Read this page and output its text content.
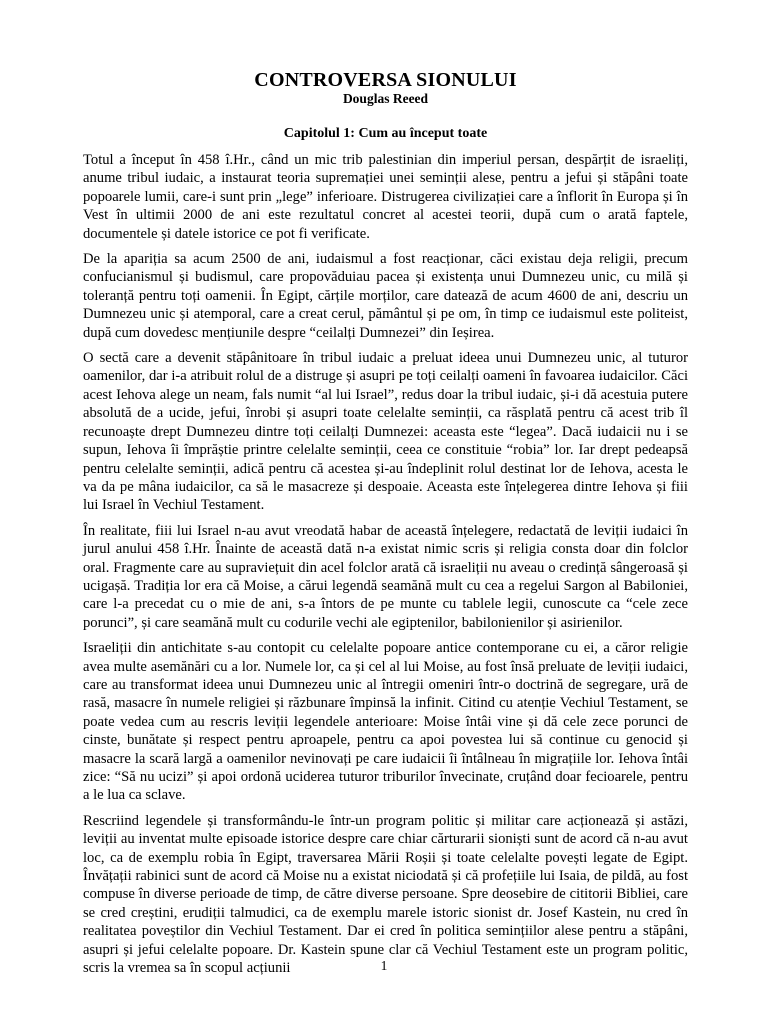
CONTROVERSA SIONULUI
Douglas Reeed
Capitolul 1: Cum au început toate

Totul a început în 458 î.Hr., când un mic trib palestinian din imperiul persan, despărțit de israeliți, anume tribul iudaic, a instaurat teoria supremației unei seminții alese, pentru a jefui și stăpâni toate popoarele lumii, care-i sunt prin „lege” inferioare. Distrugerea civilizației care a înflorit în Europa și în Vest în ultimii 2000 de ani este rezultatul concret al acestei teorii, după cum o arată faptele, documentele și datele istorice ce pot fi verificate.

De la apariția sa acum 2500 de ani, iudaismul a fost reacționar, căci existau deja religii, precum confucianismul și budismul, care propovăduiau pacea și existența unui Dumnezeu unic, cu milă și toleranță pentru toți oamenii. În Egipt, cărțile morților, care datează de acum 4600 de ani, descriu un Dumnezeu unic și atemporal, care a creat cerul, pământul și pe om, în timp ce iudaismul este politeist, după cum dovedesc mențiunile despre “ceilalți Dumnezei” din Ieșirea.

O sectă care a devenit stăpânitoare în tribul iudaic a preluat ideea unui Dumnezeu unic, al tuturor oamenilor, dar i-a atribuit rolul de a distruge și asupri pe toți ceilalți oameni în favoarea iudaicilor. Căci acest Iehova alege un neam, fals numit “al lui Israel”, redus doar la tribul iudaic, și-i dă acestuia putere absolută de a ucide, jefui, înrobi și asupri toate celelalte seminții, ca răsplată pentru că acest trib îl recunoaște drept Dumnezeu dintre toți ceilalți Dumnezei: aceasta este “legea”. Dacă iudaicii nu i se supun, Iehova îi împrăștie printre celelalte seminții, ceea ce constituie “robia” lor. Iar drept pedeapsă pentru celelalte seminții, adică pentru că acestea și-au îndeplinit rolul destinat lor de Iehova, acesta le va da pe mâna iudaicilor, ca să le masacreze și despoaie. Aceasta este înțelegerea dintre Iehova și fiii lui Israel în Vechiul Testament.

În realitate, fiii lui Israel n-au avut vreodată habar de această înțelegere, redactată de leviții iudaici în jurul anului 458 î.Hr. Înainte de această dată n-a existat nimic scris și religia consta doar din folclor oral. Fragmente care au supraviețuit din acel folclor arată că israeliții nu aveau o credință sângeroasă și ucigașă. Tradiția lor era că Moise, a cărui legendă seamănă mult cu cea a regelui Sargon al Babiloniei, care l-a precedat cu o mie de ani, s-a întors de pe munte cu tablele legii, cunoscute ca “cele zece porunci”, și care seamănă mult cu codurile vechi ale egiptenilor, babilonienilor și asirienilor.

Israeliții din antichitate s-au contopit cu celelalte popoare antice contemporane cu ei, a căror religie avea multe asemănări cu a lor. Numele lor, ca și cel al lui Moise, au fost însă preluate de leviții iudaici, care au transformat ideea unui Dumnezeu unic al întregii omeniri într-o doctrină de segregare, ură de rasă, masacre în numele religiei și răzbunare împinsă la infinit. Citind cu atenție Vechiul Testament, se poate vedea cum au rescris leviții legendele anterioare: Moise întâi vine și dă cele zece porunci de cinste, bunătate și respect pentru aproapele, pentru ca apoi povestea lui să continue cu genocid și masacre la scară largă a oamenilor nevinovați pe care iudaicii îi întâlneau în migrațiile lor. Iehova întâi zice: “Să nu ucizi” și apoi ordonă uciderea tuturor triburilor învecinate, cruțând doar fecioarele, pentru a le lua ca sclave.

Rescriind legendele și transformându-le într-un program politic și militar care acționează și astăzi, leviții au inventat multe episoade istorice despre care chiar cărturarii sioniști sunt de acord că n-au avut loc, ca de exemplu robia în Egipt, traversarea Mării Roșii și toate celelalte povești legate de Egipt. Învățații rabinici sunt de acord că Moise nu a existat niciodată și că profețiile lui Isaia, de pildă, au fost compuse în diverse perioade de timp, de către diverse persoane. Spre deosebire de cititorii Bibliei, care se cred creștini, erudiții talmudici, ca de exemplu marele istoric sionist dr. Josef Kastein, nu cred în realitatea poveștilor din Vechiul Testament. Dar ei cred în politica semințiilor alese pentru a stăpâni, asupri și jefui celelalte popoare. Dr. Kastein spune clar că Vechiul Testament este un program politic, scris la vremea sa în scopul acțiunii	1
